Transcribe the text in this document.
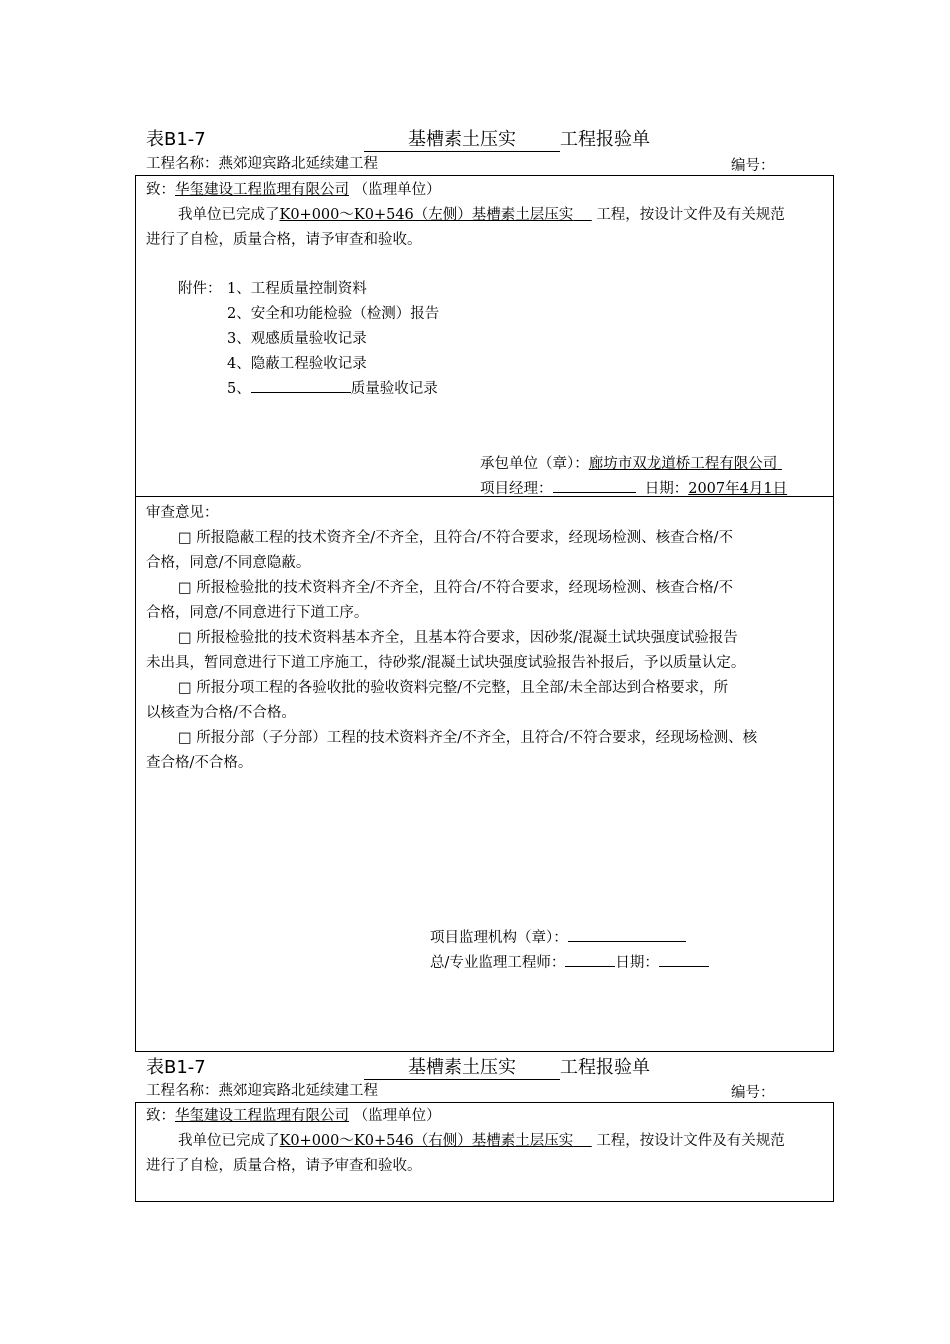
表B1-7	基槽素土压实 工程报验单
工程名称：燕郊迎宾路北延续建工程	编号：
致：华玺建设工程监理有限公司 （监理单位）
我单位已完成了K0+000～K0+546（左侧）基槽素土层压实 工程，按设计文件及有关规范
进行了自检，质量合格，请予审查和验收。
附件： 1、工程质量控制资料
2、安全和功能检验（检测）报告
3、观感质量验收记录
4、隐蔽工程验收记录
5、	质量验收记录
承包单位（章）：廊坊市双龙道桥工程有限公司
项目经理：	日期：2007年4月1日
审查意见：
□ 所报隐蔽工程的技术资齐全/不齐全，且符合/不符合要求，经现场检测、核查合格/不
合格，同意/不同意隐蔽。
□ 所报检验批的技术资料齐全/不齐全，且符合/不符合要求，经现场检测、核查合格/不
合格，同意/不同意进行下道工序。
□ 所报检验批的技术资料基本齐全，且基本符合要求，因砂浆/混凝土试块强度试验报告
未出具，暂同意进行下道工序施工，待砂浆/混凝土试块强度试验报告补报后，予以质量认定。
□ 所报分项工程的各验收批的验收资料完整/不完整，且全部/未全部达到合格要求，所
以核查为合格/不合格。
□ 所报分部（子分部）工程的技术资料齐全/不齐全，且符合/不符合要求，经现场检测、核
查合格/不合格。
项目监理机构（章）：
总/专业监理工程师：	日期：
表B1-7	基槽素土压实 工程报验单
工程名称：燕郊迎宾路北延续建工程	编号：
致：华玺建设工程监理有限公司 （监理单位）
我单位已完成了K0+000～K0+546（右侧）基槽素土层压实 工程，按设计文件及有关规范
进行了自检，质量合格，请予审查和验收。
